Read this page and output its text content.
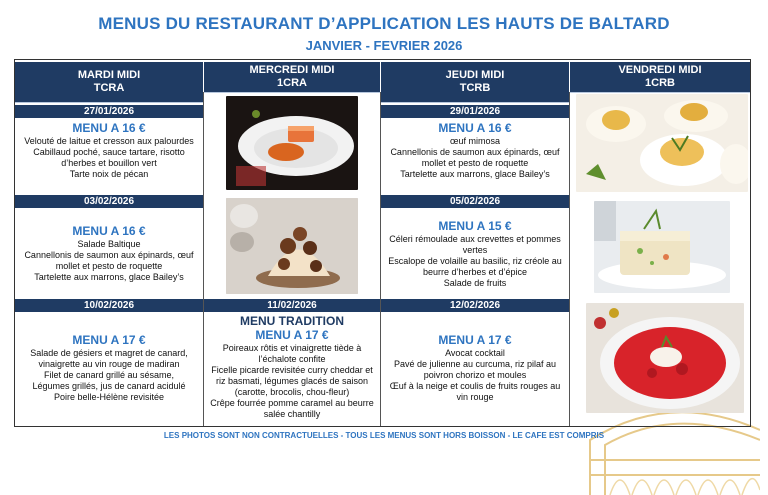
MENUS DU RESTAURANT D’APPLICATION LES HAUTS DE BALTARD
JANVIER - FEVRIER 2026
MARDI MIDI
TCRA
MERCREDI MIDI
1CRA
JEUDI MIDI
TCRB
VENDREDI MIDI
1CRB
27/01/2026
MENU A 16 €
Velouté de laitue et cresson aux palourdes
Cabillaud poché, sauce tartare, risotto d’herbes et bouillon vert
Tarte noix de pécan
03/02/2026
MENU A 16 €
Salade Baltique
Cannellonis de saumon aux épinards, œuf mollet et pesto de roquette
Tartelette aux marrons, glace Bailey’s
10/02/2026
MENU A 17 €
Salade de gésiers et magret de canard, vinaigrette au vin rouge de madiran
Filet de canard grillé au sésame,
Légumes grillés, jus de canard acidulé
Poire belle-Hélène revisitée
11/02/2026
MENU TRADITION
MENU A 17 €
Poireaux rôtis et vinaigrette tiède à l’échalote confite
Ficelle picarde revisitée curry cheddar et riz basmati, légumes glacés de saison (carotte, brocolis, chou-fleur)
Crêpe fourrée pomme caramel au beurre salée chantilly
29/01/2026
MENU A 16 €
œuf mimosa
Cannellonis de saumon aux épinards, œuf mollet et pesto de roquette
Tartelette aux marrons, glace Bailey’s
05/02/2026
MENU A 15 €
Céleri rémoulade aux crevettes et pommes vertes
Escalope de volaille au basilic, riz créole au beurre d’herbes et d’épice
Salade de fruits
12/02/2026
MENU A 17 €
Avocat cocktail
Pavé de julienne au curcuma, riz pilaf au poivron chorizo et moules
Œuf à la neige et coulis de fruits rouges au vin rouge
LES PHOTOS SONT NON CONTRACTUELLES - TOUS LES MENUS SONT HORS BOISSON - LE CAFE EST COMPRIS
